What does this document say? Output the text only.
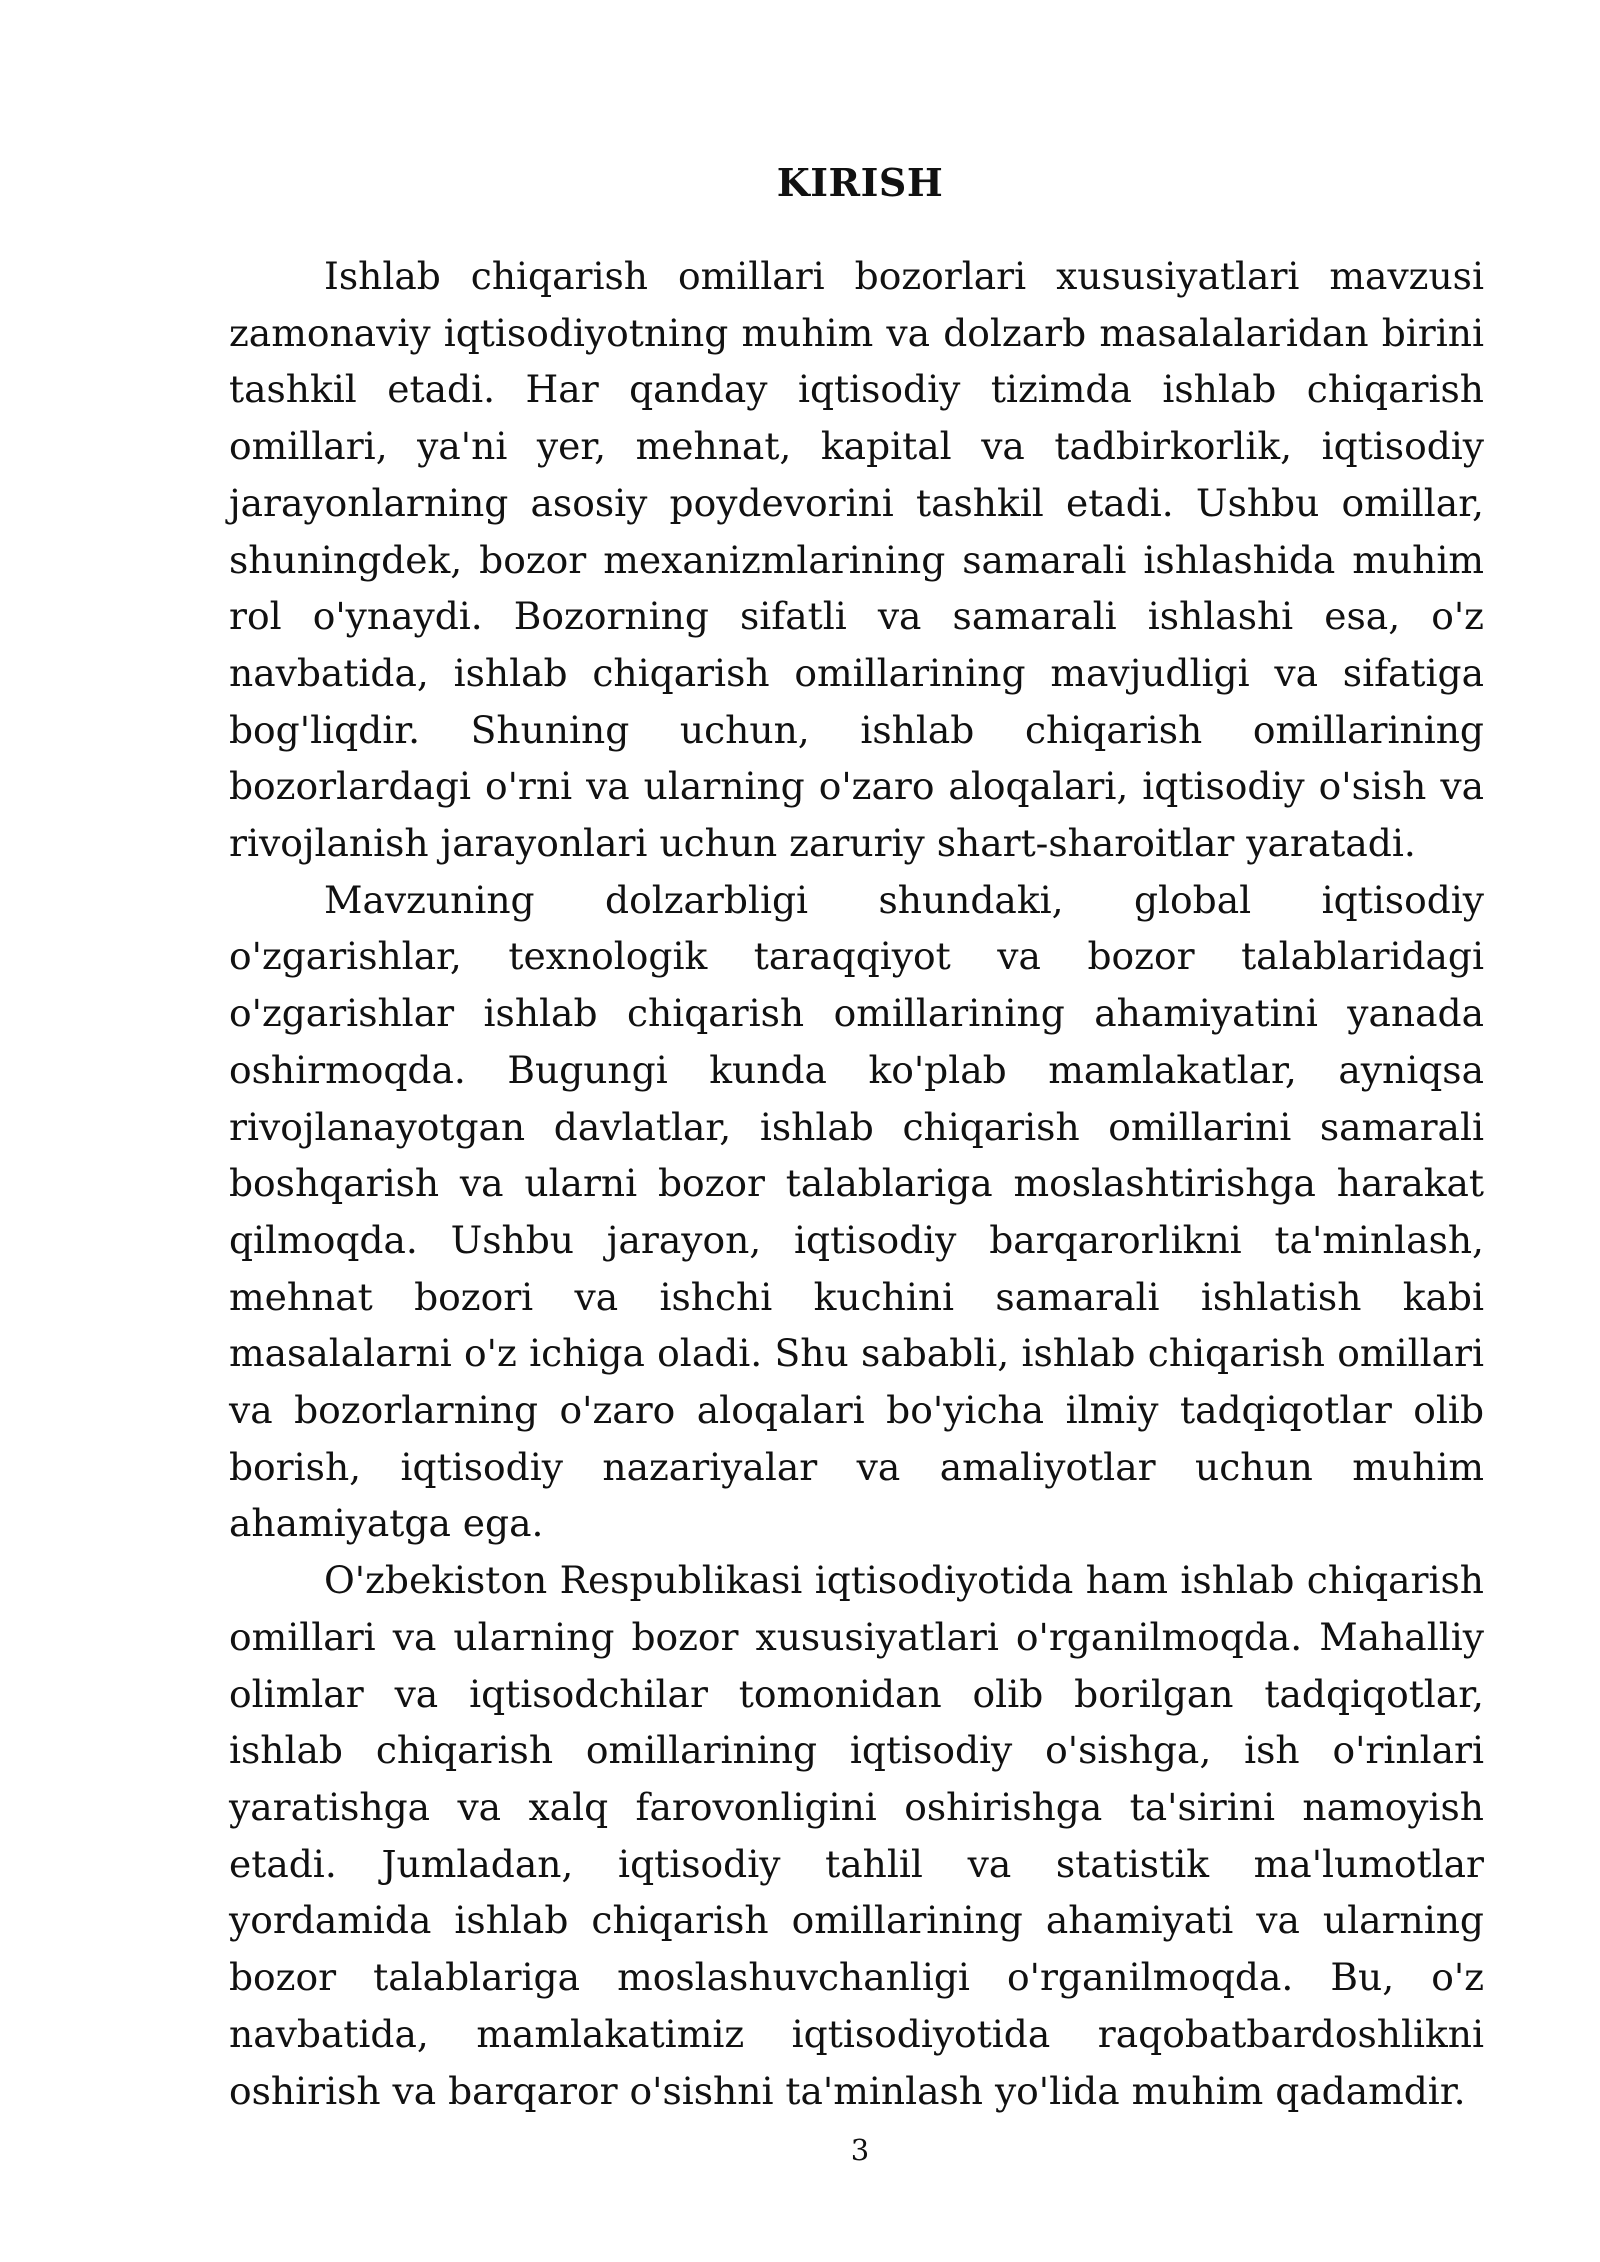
KIRISH

Ishlab chiqarish omillari bozorlari xususiyatlari mavzusi zamonaviy iqtisodiyotning muhim va dolzarb masalalaridan birini tashkil etadi. Har qanday iqtisodiy tizimda ishlab chiqarish omillari, ya'ni yer, mehnat, kapital va tadbirkorlik, iqtisodiy jarayonlarning asosiy poydevorini tashkil etadi. Ushbu omillar, shuningdek, bozor mexanizmlarining samarali ishlashida muhim rol o'ynaydi. Bozorning sifatli va samarali ishlashi esa, o'z navbatida, ishlab chiqarish omillarining mavjudligi va sifatiga bog'liqdir. Shuning uchun, ishlab chiqarish omillarining bozorlardagi o'rni va ularning o'zaro aloqalari, iqtisodiy o'sish va rivojlanish jarayonlari uchun zaruriy shart-sharoitlar yaratadi.

Mavzuning dolzarbligi shundaki, global iqtisodiy o'zgarishlar, texnologik taraqqiyot va bozor talablaridagi o'zgarishlar ishlab chiqarish omillarining ahamiyatini yanada oshirmoqda. Bugungi kunda ko'plab mamlakatlar, ayniqsa rivojlanayotgan davlatlar, ishlab chiqarish omillarini samarali boshqarish va ularni bozor talablariga moslashtirishga harakat qilmoqda. Ushbu jarayon, iqtisodiy barqarorlikni ta'minlash, mehnat bozori va ishchi kuchini samarali ishlatish kabi masalalarni o'z ichiga oladi. Shu sababli, ishlab chiqarish omillari va bozorlarning o'zaro aloqalari bo'yicha ilmiy tadqiqotlar olib borish, iqtisodiy nazariyalar va amaliyotlar uchun muhim ahamiyatga ega.

O'zbekiston Respublikasi iqtisodiyotida ham ishlab chiqarish omillari va ularning bozor xususiyatlari o'rganilmoqda. Mahalliy olimlar va iqtisodchilar tomonidan olib borilgan tadqiqotlar, ishlab chiqarish omillarining iqtisodiy o'sishga, ish o'rinlari yaratishga va xalq farovonligini oshirishga ta'sirini namoyish etadi. Jumladan, iqtisodiy tahlil va statistik ma'lumotlar yordamida ishlab chiqarish omillarining ahamiyati va ularning bozor talablariga moslashuvchanligi o'rganilmoqda. Bu, o'z navbatida, mamlakatimiz iqtisodiyotida raqobatbardoshlikni oshirish va barqaror o'sishni ta'minlash yo'lida muhim qadamdir.

3
